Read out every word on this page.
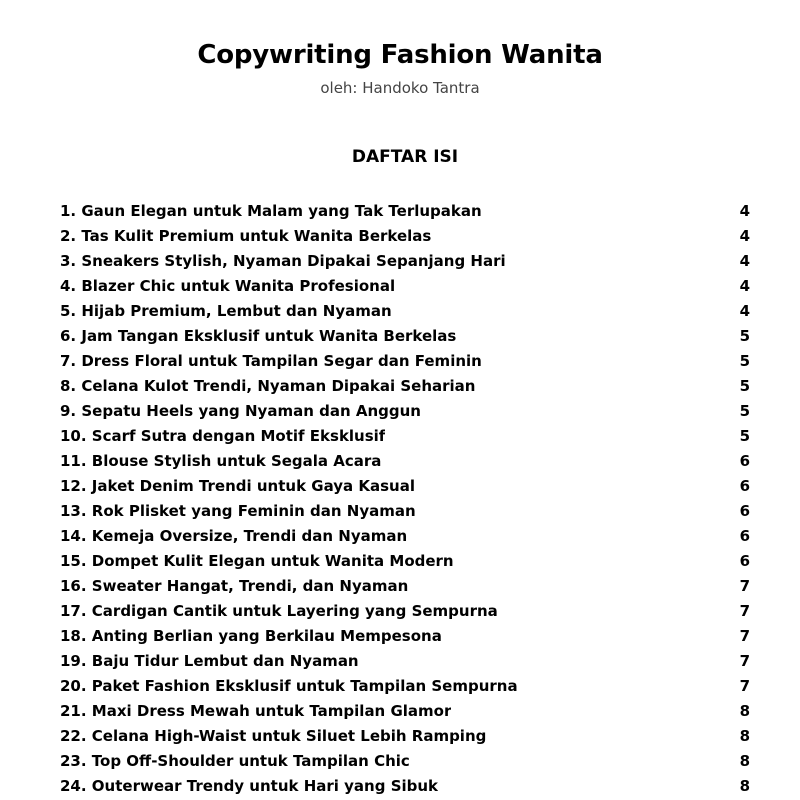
Copywriting Fashion Wanita
oleh: Handoko Tantra
DAFTAR ISI
1. Gaun Elegan untuk Malam yang Tak Terlupakan	4
2. Tas Kulit Premium untuk Wanita Berkelas	4
3. Sneakers Stylish, Nyaman Dipakai Sepanjang Hari	4
4. Blazer Chic untuk Wanita Profesional	4
5. Hijab Premium, Lembut dan Nyaman	4
6. Jam Tangan Eksklusif untuk Wanita Berkelas	5
7. Dress Floral untuk Tampilan Segar dan Feminin	5
8. Celana Kulot Trendi, Nyaman Dipakai Seharian	5
9. Sepatu Heels yang Nyaman dan Anggun	5
10. Scarf Sutra dengan Motif Eksklusif	5
11. Blouse Stylish untuk Segala Acara	6
12. Jaket Denim Trendi untuk Gaya Kasual	6
13. Rok Plisket yang Feminin dan Nyaman	6
14. Kemeja Oversize, Trendi dan Nyaman	6
15. Dompet Kulit Elegan untuk Wanita Modern	6
16. Sweater Hangat, Trendi, dan Nyaman	7
17. Cardigan Cantik untuk Layering yang Sempurna	7
18. Anting Berlian yang Berkilau Mempesona	7
19. Baju Tidur Lembut dan Nyaman	7
20. Paket Fashion Eksklusif untuk Tampilan Sempurna	7
21. Maxi Dress Mewah untuk Tampilan Glamor	8
22. Celana High-Waist untuk Siluet Lebih Ramping	8
23. Top Off-Shoulder untuk Tampilan Chic	8
24. Outerwear Trendy untuk Hari yang Sibuk	8
